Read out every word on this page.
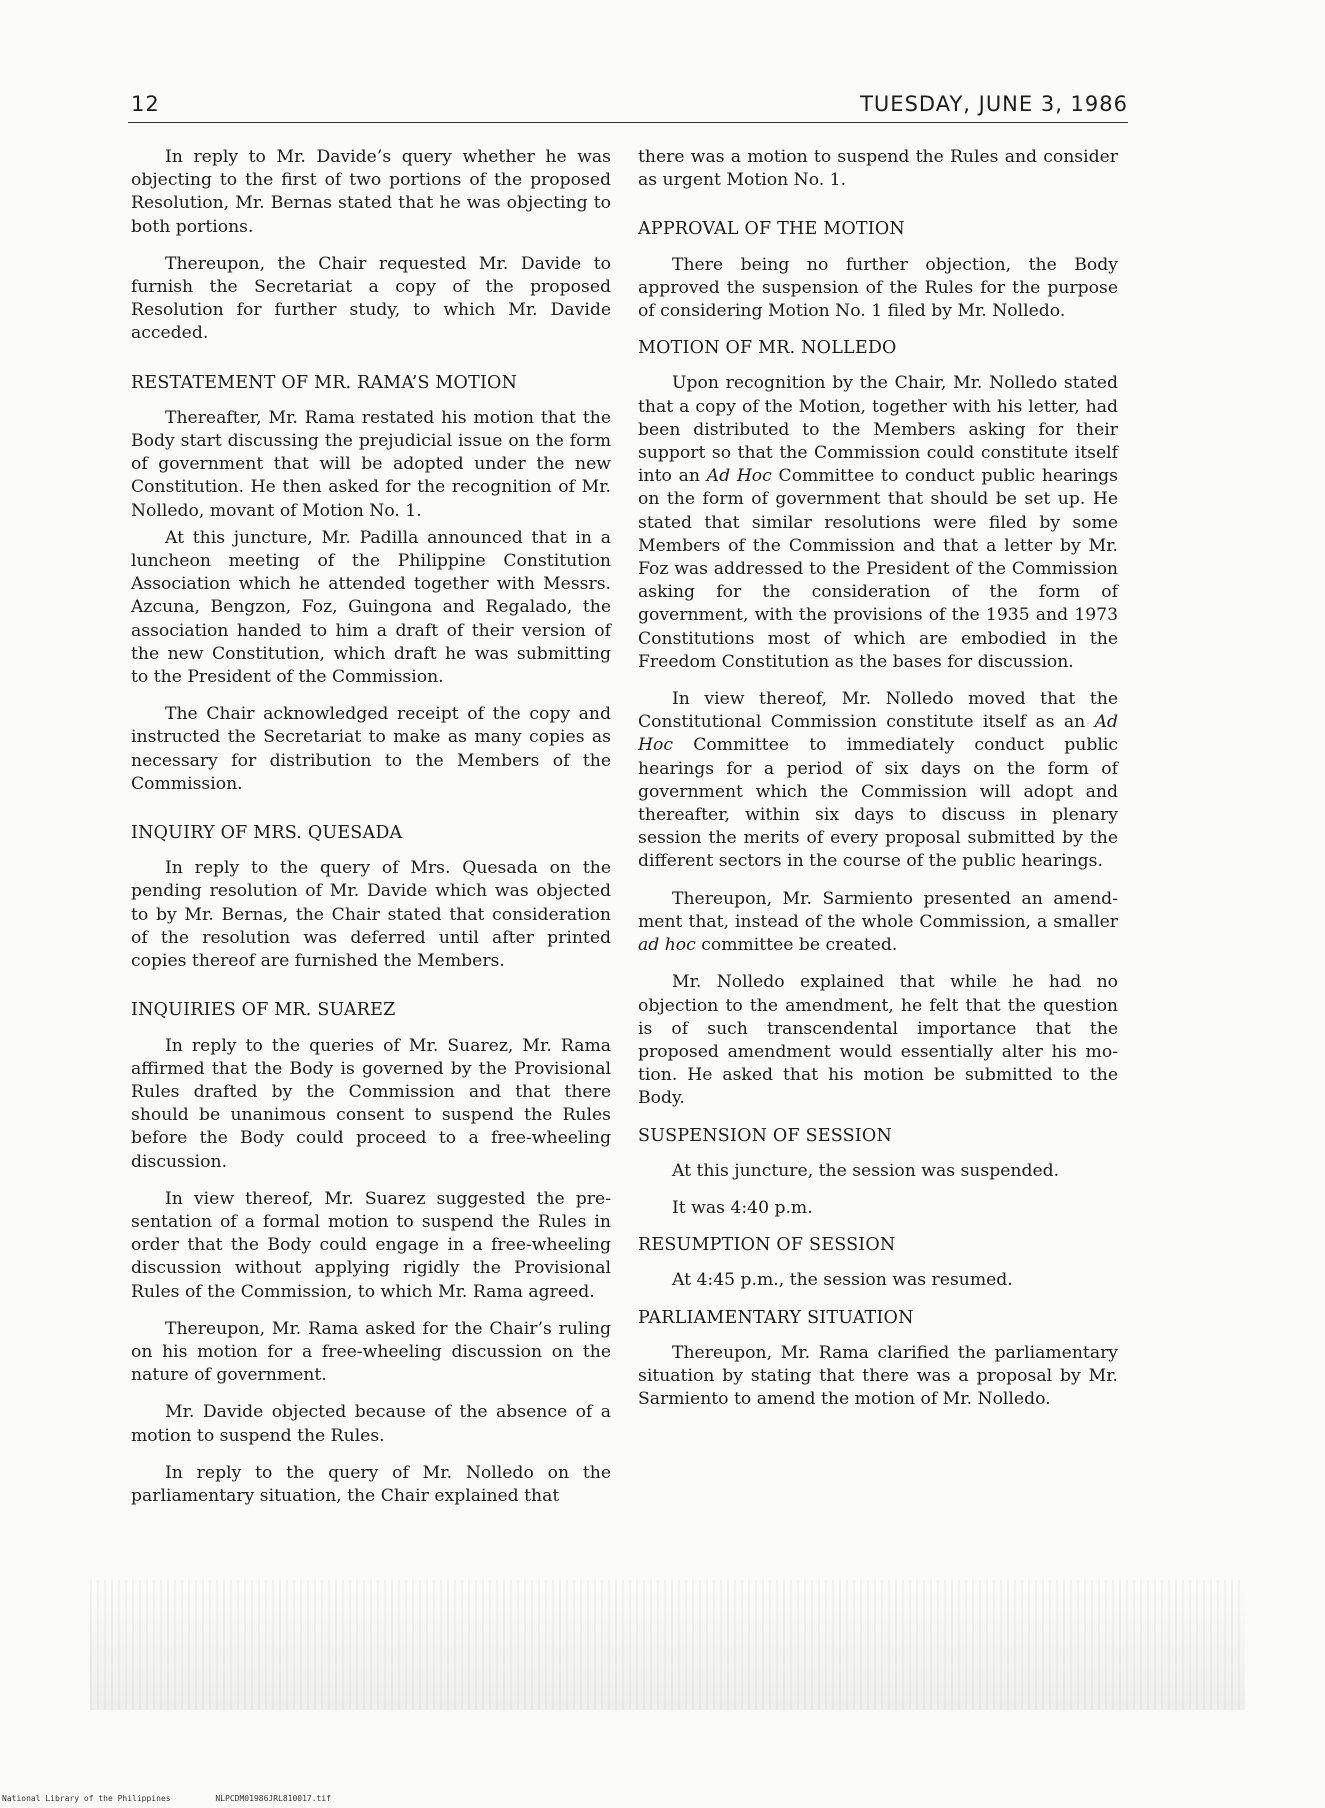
12	TUESDAY, JUNE 3, 1986

In reply to Mr. Davide’s query whether he was objecting to the first of two portions of the proposed Resolution, Mr. Bernas stated that he was objecting to both portions.

Thereupon, the Chair requested Mr. Davide to furnish the Secretariat a copy of the proposed Resolution for further study, to which Mr. Davide acceded.

RESTATEMENT OF MR. RAMA’S MOTION

Thereafter, Mr. Rama restated his motion that the Body start discussing the prejudicial issue on the form of government that will be adopted under the new Constitution. He then asked for the recognition of Mr. Nolledo, movant of Motion No. 1.

At this juncture, Mr. Padilla announced that in a luncheon meeting of the Philippine Constitution Association which he attended together with Messrs. Azcuna, Bengzon, Foz, Guingona and Regalado, the association handed to him a draft of their version of the new Constitution, which draft he was submitting to the President of the Commission.

The Chair acknowledged receipt of the copy and instructed the Secretariat to make as many copies as necessary for distribution to the Members of the Commission.

INQUIRY OF MRS. QUESADA

In reply to the query of Mrs. Quesada on the pending resolution of Mr. Davide which was objected to by Mr. Bernas, the Chair stated that consideration of the resolution was deferred until after printed copies thereof are furnished the Members.

INQUIRIES OF MR. SUAREZ

In reply to the queries of Mr. Suarez, Mr. Rama affirmed that the Body is governed by the Provisional Rules drafted by the Commission and that there should be unanimous consent to suspend the Rules before the Body could proceed to a free-wheeling discussion.

In view thereof, Mr. Suarez suggested the presentation of a formal motion to suspend the Rules in order that the Body could engage in a free-wheeling discussion without applying rigidly the Provisional Rules of the Commission, to which Mr. Rama agreed.

Thereupon, Mr. Rama asked for the Chair’s ruling on his motion for a free-wheeling discussion on the nature of government.

Mr. Davide objected because of the absence of a motion to suspend the Rules.

In reply to the query of Mr. Nolledo on the parliamentary situation, the Chair explained that

there was a motion to suspend the Rules and consider as urgent Motion No. 1.

APPROVAL OF THE MOTION

There being no further objection, the Body approved the suspension of the Rules for the purpose of considering Motion No. 1 filed by Mr. Nolledo.

MOTION OF MR. NOLLEDO

Upon recognition by the Chair, Mr. Nolledo stated that a copy of the Motion, together with his letter, had been distributed to the Members asking for their support so that the Commission could constitute itself into an Ad Hoc Committee to conduct public hearings on the form of government that should be set up. He stated that similar resolutions were filed by some Members of the Commission and that a letter by Mr. Foz was addressed to the President of the Commission asking for the consideration of the form of government, with the provisions of the 1935 and 1973 Constitutions most of which are embodied in the Freedom Constitution as the bases for discussion.

In view thereof, Mr. Nolledo moved that the Constitutional Commission constitute itself as an Ad Hoc Committee to immediately conduct public hearings for a period of six days on the form of government which the Commission will adopt and thereafter, within six days to discuss in plenary session the merits of every proposal submitted by the different sectors in the course of the public hearings.

Thereupon, Mr. Sarmiento presented an amendment that, instead of the whole Commission, a smaller ad hoc committee be created.

Mr. Nolledo explained that while he had no objection to the amendment, he felt that the question is of such transcendental importance that the proposed amendment would essentially alter his motion. He asked that his motion be submitted to the Body.

SUSPENSION OF SESSION

At this juncture, the session was suspended.

It was 4:40 p.m.

RESUMPTION OF SESSION

At 4:45 p.m., the session was resumed.

PARLIAMENTARY SITUATION

Thereupon, Mr. Rama clarified the parliamentary situation by stating that there was a proposal by Mr. Sarmiento to amend the motion of Mr. Nolledo.

National Library of the Philippines	NLPCDM01986JRL810017.tif
